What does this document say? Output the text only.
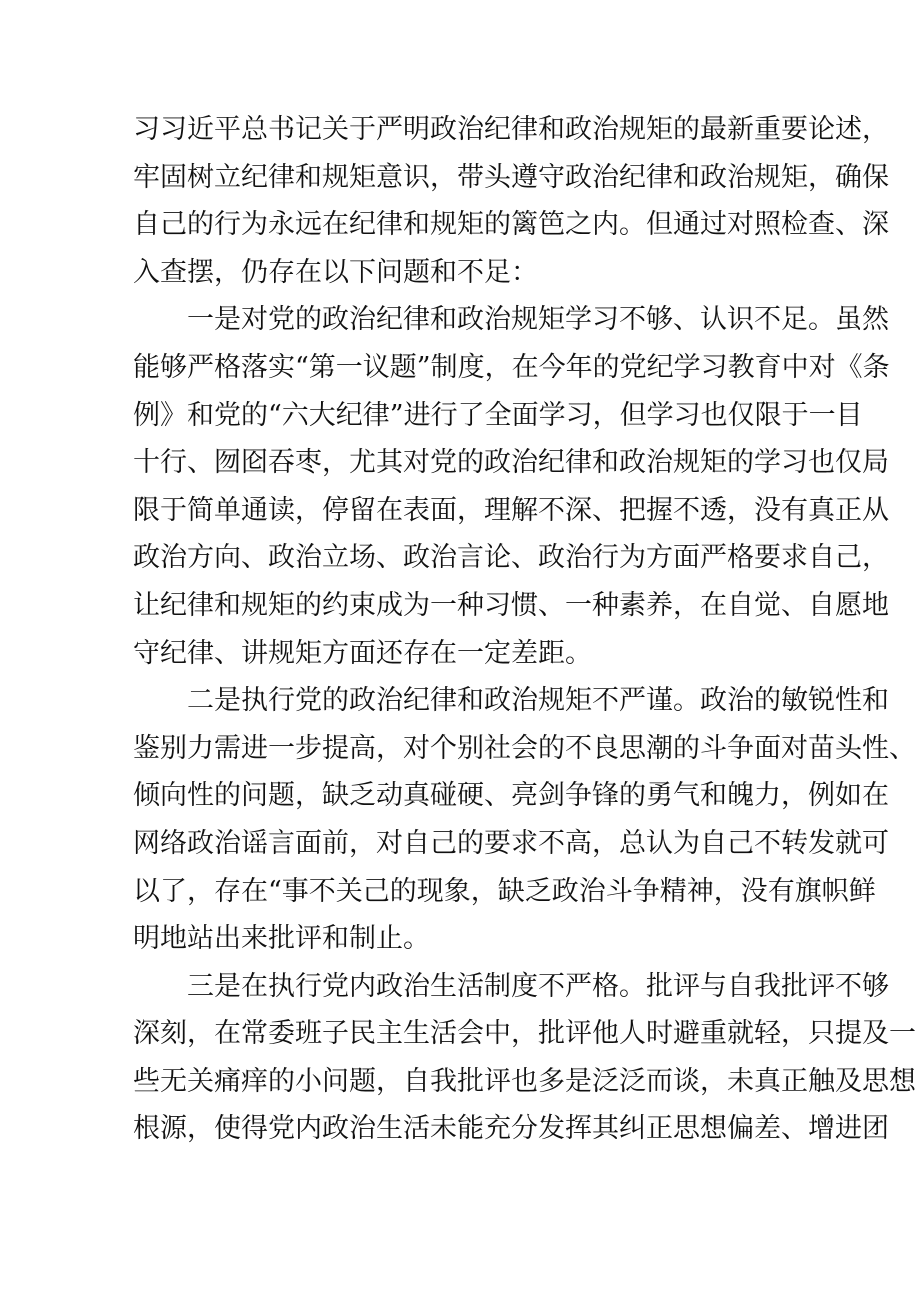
习习近平总书记关于严明政治纪律和政治规矩的最新重要论述，
牢固树立纪律和规矩意识，带头遵守政治纪律和政治规矩，确保
自己的行为永远在纪律和规矩的篱笆之内。但通过对照检查、深
入查摆，仍存在以下问题和不足：
一是对党的政治纪律和政治规矩学习不够、认识不足。虽然
能够严格落实“第一议题”制度，在今年的党纪学习教育中对《条
例》和党的“六大纪律”进行了全面学习，但学习也仅限于一目
十行、囫囵吞枣，尤其对党的政治纪律和政治规矩的学习也仅局
限于简单通读，停留在表面，理解不深、把握不透，没有真正从
政治方向、政治立场、政治言论、政治行为方面严格要求自己，
让纪律和规矩的约束成为一种习惯、一种素养，在自觉、自愿地
守纪律、讲规矩方面还存在一定差距。
二是执行党的政治纪律和政治规矩不严谨。政治的敏锐性和
鉴别力需进一步提高，对个别社会的不良思潮的斗争面对苗头性、
倾向性的问题，缺乏动真碰硬、亮剑争锋的勇气和魄力，例如在
网络政治谣言面前，对自己的要求不高，总认为自己不转发就可
以了，存在“事不关己的现象，缺乏政治斗争精神，没有旗帜鲜
明地站出来批评和制止。
三是在执行党内政治生活制度不严格。批评与自我批评不够
深刻，在常委班子民主生活会中，批评他人时避重就轻，只提及一
些无关痛痒的小问题，自我批评也多是泛泛而谈，未真正触及思想
根源，使得党内政治生活未能充分发挥其纠正思想偏差、增进团
